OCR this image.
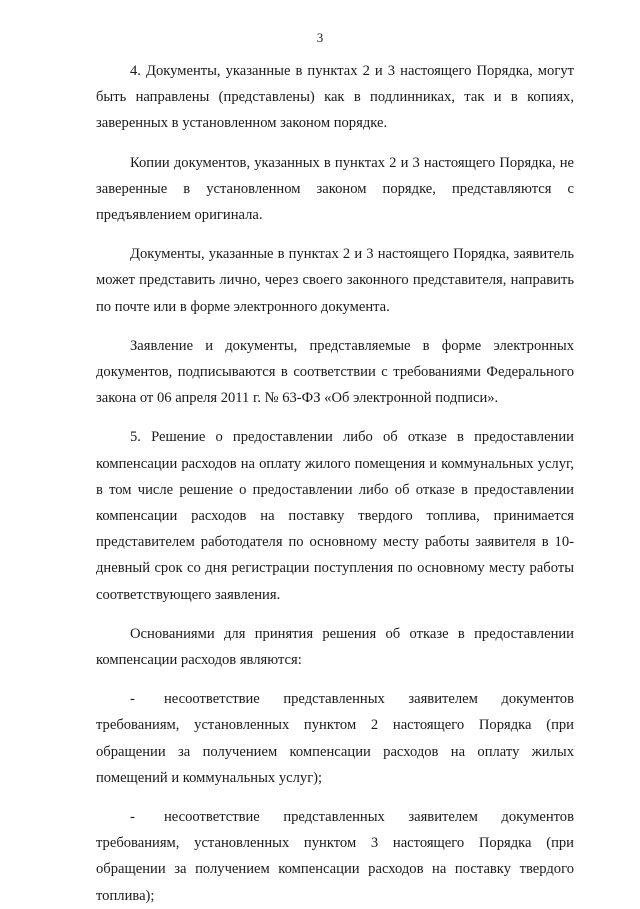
3

4. Документы, указанные в пунктах 2 и 3 настоящего Порядка, могут быть направлены (представлены) как в подлинниках, так и в копиях, заверенных в установленном законом порядке.

Копии документов, указанных в пунктах 2 и 3 настоящего Порядка, не заверенные в установленном законом порядке, представляются с предъявлением оригинала.

Документы, указанные в пунктах 2 и 3 настоящего Порядка, заявитель может представить лично, через своего законного представителя, направить по почте или в форме электронного документа.

Заявление и документы, представляемые в форме электронных документов, подписываются в соответствии с требованиями Федерального закона от 06 апреля 2011 г. № 63-ФЗ «Об электронной подписи».

5. Решение о предоставлении либо об отказе в предоставлении компенсации расходов на оплату жилого помещения и коммунальных услуг, в том числе решение о предоставлении либо об отказе в предоставлении компенсации расходов на поставку твердого топлива, принимается представителем работодателя по основному месту работы заявителя в 10-дневный срок со дня регистрации поступления по основному месту работы соответствующего заявления.

Основаниями для принятия решения об отказе в предоставлении компенсации расходов являются:

- несоответствие представленных заявителем документов требованиям, установленных пунктом 2 настоящего Порядка (при обращении за получением компенсации расходов на оплату жилых помещений и коммунальных услуг);

- несоответствие представленных заявителем документов требованиям, установленных пунктом 3 настоящего Порядка (при обращении за получением компенсации расходов на поставку твердого топлива);
